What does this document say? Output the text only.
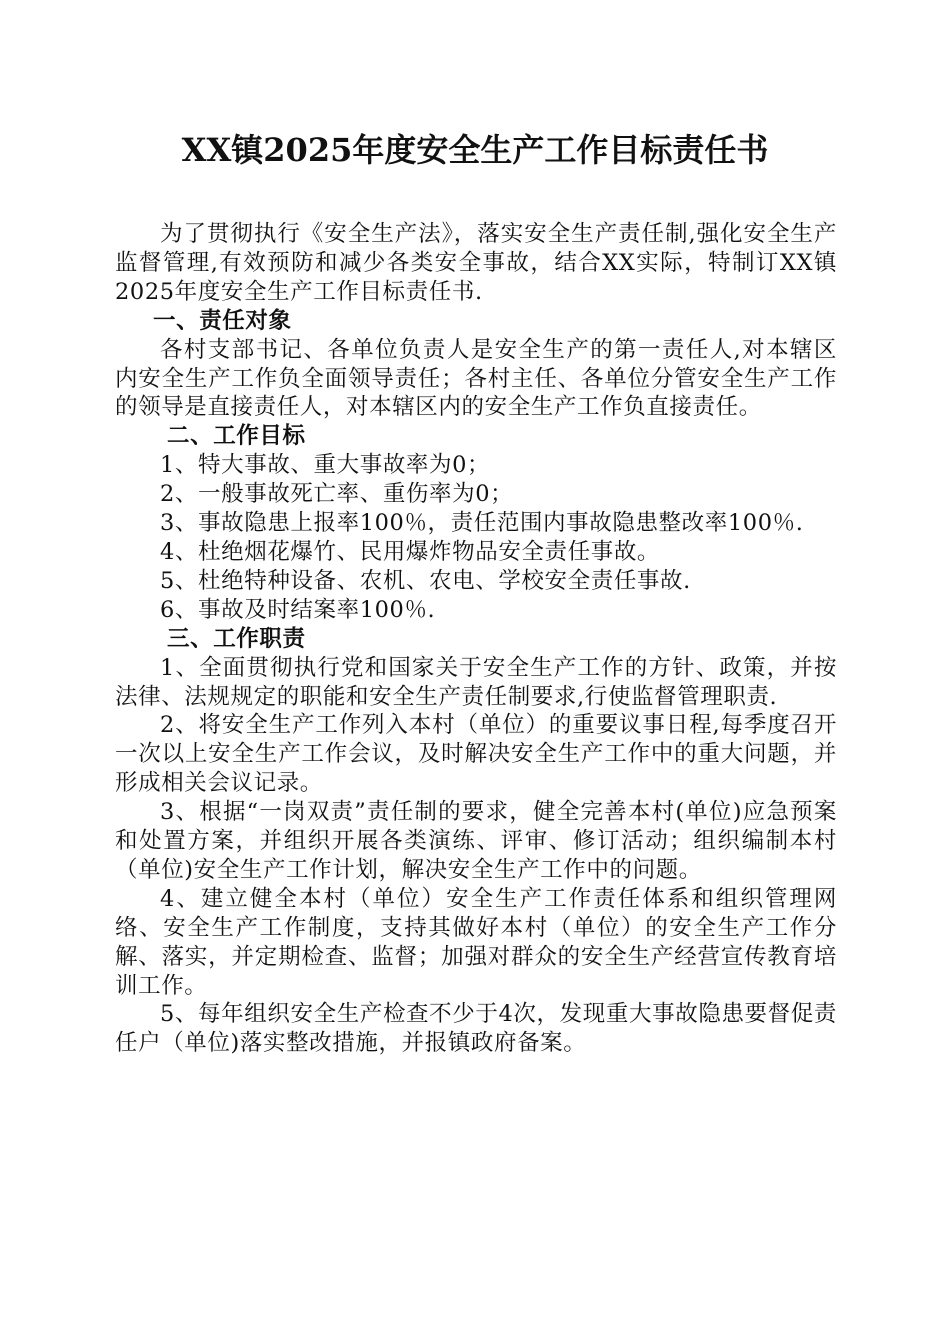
XX镇2025年度安全生产工作目标责任书

为了贯彻执行《安全生产法》，落实安全生产责任制,强化安全生产监督管理,有效预防和减少各类安全事故，结合XX实际，特制订XX镇2025年度安全生产工作目标责任书.

一、责任对象

各村支部书记、各单位负责人是安全生产的第一责任人,对本辖区内安全生产工作负全面领导责任；各村主任、各单位分管安全生产工作的领导是直接责任人，对本辖区内的安全生产工作负直接责任。

二、工作目标
1、特大事故、重大事故率为0；
2、一般事故死亡率、重伤率为0；
3、事故隐患上报率100％，责任范围内事故隐患整改率100％.
4、杜绝烟花爆竹、民用爆炸物品安全责任事故。
5、杜绝特种设备、农机、农电、学校安全责任事故.
6、事故及时结案率100％.
三、工作职责

1、全面贯彻执行党和国家关于安全生产工作的方针、政策，并按法律、法规规定的职能和安全生产责任制要求,行使监督管理职责.

2、将安全生产工作列入本村（单位）的重要议事日程,每季度召开一次以上安全生产工作会议，及时解决安全生产工作中的重大问题，并形成相关会议记录。

3、根据“一岗双责”责任制的要求，健全完善本村(单位)应急预案和处置方案，并组织开展各类演练、评审、修订活动；组织编制本村（单位)安全生产工作计划，解决安全生产工作中的问题。

4、建立健全本村（单位）安全生产工作责任体系和组织管理网络、安全生产工作制度，支持其做好本村（单位）的安全生产工作分解、落实，并定期检查、监督；加强对群众的安全生产经营宣传教育培训工作。

5、每年组织安全生产检查不少于4次，发现重大事故隐患要督促责任户（单位)落实整改措施，并报镇政府备案。
